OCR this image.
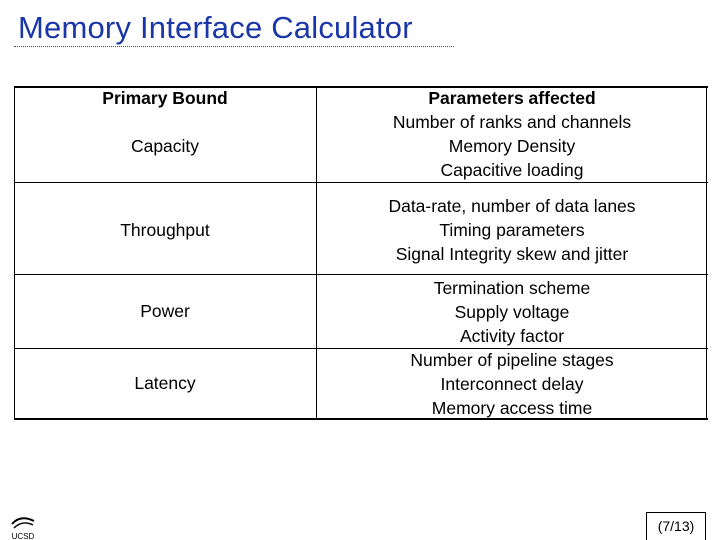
Memory Interface Calculator
Primary Bound	Parameters affected
Capacity
Throughput
Power
Latency
Number of ranks and channels
Memory Density
Capacitive loading
Data-rate, number of data lanes
Timing parameters
Signal Integrity skew and jitter
Termination scheme
Supply voltage
Activity factor
Number of pipeline stages
Interconnect delay
Memory access time
UCSD
(7/13)
